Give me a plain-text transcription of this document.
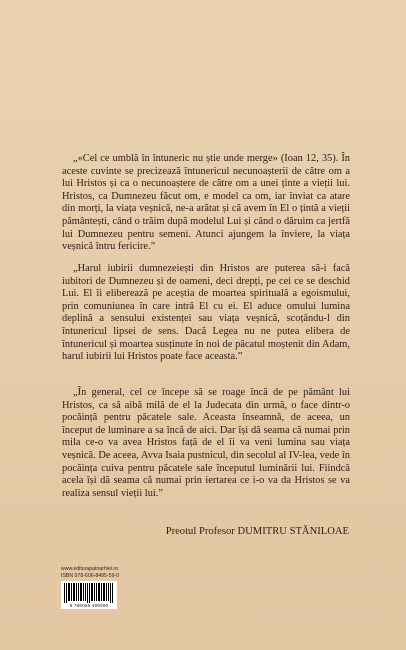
„«Cel ce umblă în întuneric nu știe unde merge» (Ioan 12, 35). În aceste cuvinte se precizează întunericul necunoașterii de către om a lui Hristos și ca o necunoaștere de către om a unei ținte a vieții lui. Hristos, ca Dumnezeu făcut om, e model ca om, iar înviat ca atare din morți, la viața veșnică, ne-a arătat și că avem în El o țintă a vieții pământești, când o trăim după modelul Lui și când o dăruim ca jertfă lui Dumnezeu pentru semeni. Atunci ajungem la înviere, la viața veșnică întru fericire.”

„Harul iubirii dumnezeiești din Hristos are puterea să-i facă iubitori de Dumnezeu și de oameni, deci drepți, pe cei ce se deschid Lui. El îi eliberează pe aceștia de moartea spirituală a egoismului, prin comuniunea în care intră El cu ei. El aduce omului lumina deplină a sensului existenței sau viața veșnică, scoțându-l din întunericul lipsei de sens. Dacă Legea nu ne putea elibera de întunericul și moartea susținute în noi de păcatul moștenit din Adam, harul iubirii lui Hristos poate face aceasta.”

„În general, cel ce începe să se roage încă de pe pământ lui Hristos, ca să aibă milă de el la Judecata din urmă, o face dintr-o pocăință pentru păcatele sale. Aceasta înseamnă, de aceea, un început de luminare a sa încă de aici. Dar își dă seama că numai prin mila ce-o va avea Hristos față de el îi va veni lumina sau viața veșnică. De aceea, Avva Isaia pustnicul, din secolul al IV-lea, vede în pocăința cuiva pentru păcatele sale începutul luminării lui. Fiindcă acela își dă seama că numai prin iertarea ce i-o va da Hristos se va realiza sensul vieții lui.”

Preotul Profesor DUMITRU STĂNILOAE
www.editurapatriarhiei.ro
ISBN 978-606-8495-59-0
9 786068 495590
